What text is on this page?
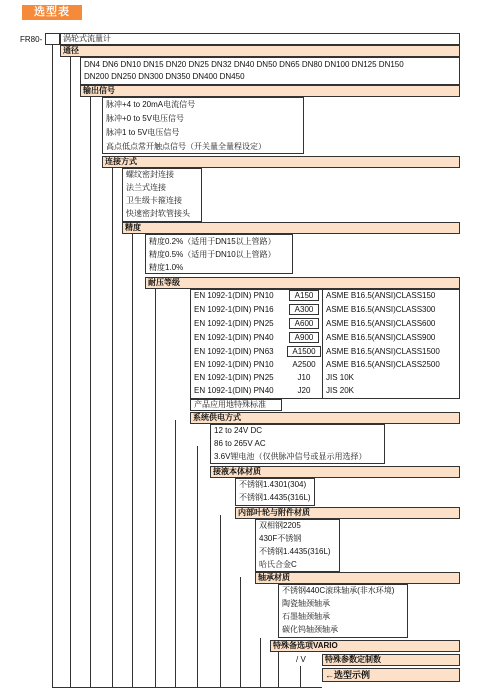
选型表
FR80-	涡轮式流量计
通径
DN4 DN6 DN10 DN15 DN20 DN25 DN32 DN40 DN50 DN65 DN80 DN100 DN125 DN150
DN200 DN250 DN300 DN350 DN400 DN450
输出信号
脉冲+4 to 20mA电流信号
脉冲+0 to 5V电压信号
脉冲1 to 5V电压信号
高点低点常开触点信号（开关量全量程设定）
连接方式
螺纹密封连接
法兰式连接
卫生级卡箍连接
快速密封软管接头
精度
精度0.2%（适用于DN15以上管路）
精度0.5%（适用于DN10以上管路）
精度1.0%
耐压等级
EN 1092-1(DIN) PN10
EN 1092-1(DIN) PN16
EN 1092-1(DIN) PN25
EN 1092-1(DIN) PN40
EN 1092-1(DIN) PN63
EN 1092-1(DIN) PN10
EN 1092-1(DIN) PN25
EN 1092-1(DIN) PN40
A150
A300
A600
A900
A1500
A2500
J10
J20
ASME B16.5(ANSI)CLASS150
ASME B16.5(ANSI)CLASS300
ASME B16.5(ANSI)CLASS600
ASME B16.5(ANSI)CLASS900
ASME B16.5(ANSI)CLASS1500
ASME B16.5(ANSI)CLASS2500
JIS 10K
JIS 20K
产品应用地特殊标准
系统供电方式
12 to 24V DC
86 to 265V AC
3.6V锂电池（仅供脉冲信号或显示用选择）
接液本体材质
不锈钢1.4301(304)
不锈钢1.4435(316L)
内部叶轮与附件材质
双相钢2205
430F不锈钢
不锈钢1.4435(316L)
哈氏合金C
轴承材质
不锈钢440C滚珠轴承(非水环境)
陶瓷轴颈轴承
石墨轴颈轴承
碳化钨轴颈轴承
特殊备选项VARIO
/ V	特殊参数定制数
←选型示例
